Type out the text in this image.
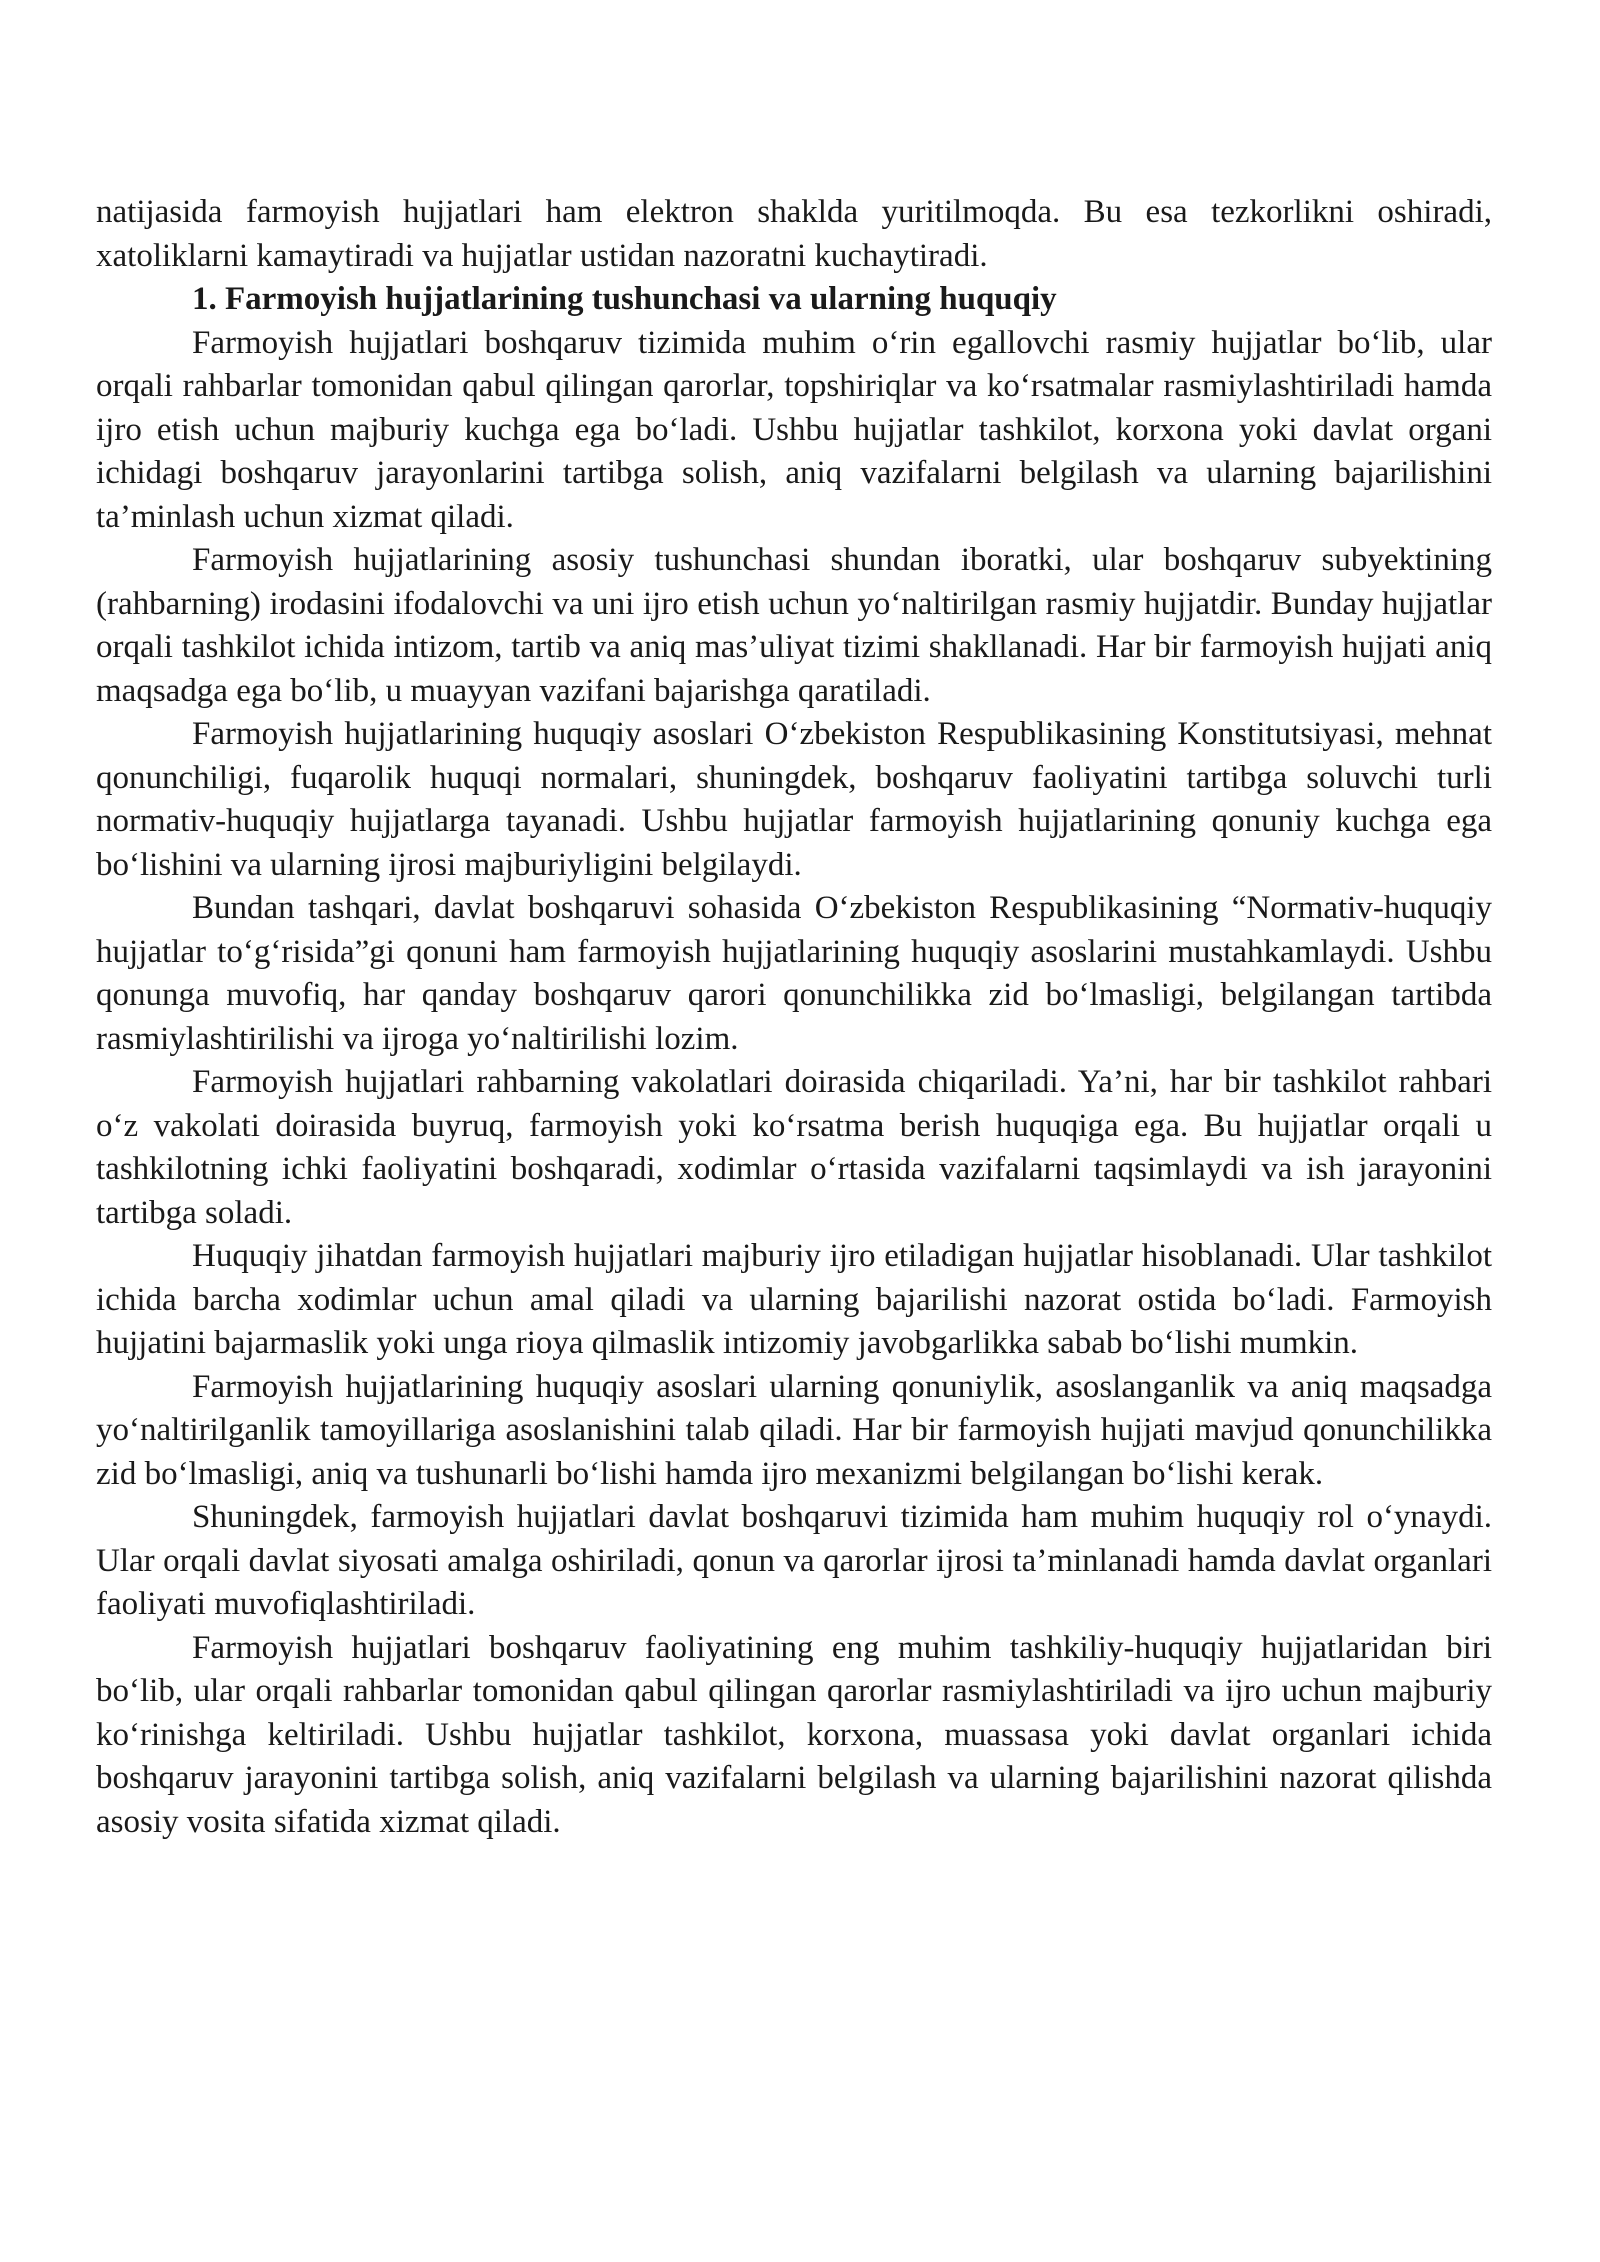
natijasida farmoyish hujjatlari ham elektron shaklda yuritilmoqda. Bu esa tezkorlikni oshiradi, xatoliklarni kamaytiradi va hujjatlar ustidan nazoratni kuchaytiradi.

1. Farmoyish hujjatlarining tushunchasi va ularning huquqiy

Farmoyish hujjatlari boshqaruv tizimida muhim o‘rin egallovchi rasmiy hujjatlar bo‘lib, ular orqali rahbarlar tomonidan qabul qilingan qarorlar, topshiriqlar va ko‘rsatmalar rasmiylashtiriladi hamda ijro etish uchun majburiy kuchga ega bo‘ladi. Ushbu hujjatlar tashkilot, korxona yoki davlat organi ichidagi boshqaruv jarayonlarini tartibga solish, aniq vazifalarni belgilash va ularning bajarilishini ta’minlash uchun xizmat qiladi.

Farmoyish hujjatlarining asosiy tushunchasi shundan iboratki, ular boshqaruv subyektining (rahbarning) irodasini ifodalovchi va uni ijro etish uchun yo‘naltirilgan rasmiy hujjatdir. Bunday hujjatlar orqali tashkilot ichida intizom, tartib va aniq mas’uliyat tizimi shakllanadi. Har bir farmoyish hujjati aniq maqsadga ega bo‘lib, u muayyan vazifani bajarishga qaratiladi.

Farmoyish hujjatlarining huquqiy asoslari O‘zbekiston Respublikasining Konstitutsiyasi, mehnat qonunchiligi, fuqarolik huquqi normalari, shuningdek, boshqaruv faoliyatini tartibga soluvchi turli normativ-huquqiy hujjatlarga tayanadi. Ushbu hujjatlar farmoyish hujjatlarining qonuniy kuchga ega bo‘lishini va ularning ijrosi majburiyligini belgilaydi.

Bundan tashqari, davlat boshqaruvi sohasida O‘zbekiston Respublikasining “Normativ-huquqiy hujjatlar to‘g‘risida”gi qonuni ham farmoyish hujjatlarining huquqiy asoslarini mustahkamlaydi. Ushbu qonunga muvofiq, har qanday boshqaruv qarori qonunchilikka zid bo‘lmasligi, belgilangan tartibda rasmiylashtirilishi va ijroga yo‘naltirilishi lozim.

Farmoyish hujjatlari rahbarning vakolatlari doirasida chiqariladi. Ya’ni, har bir tashkilot rahbari o‘z vakolati doirasida buyruq, farmoyish yoki ko‘rsatma berish huquqiga ega. Bu hujjatlar orqali u tashkilotning ichki faoliyatini boshqaradi, xodimlar o‘rtasida vazifalarni taqsimlaydi va ish jarayonini tartibga soladi.

Huquqiy jihatdan farmoyish hujjatlari majburiy ijro etiladigan hujjatlar hisoblanadi. Ular tashkilot ichida barcha xodimlar uchun amal qiladi va ularning bajarilishi nazorat ostida bo‘ladi. Farmoyish hujjatini bajarmaslik yoki unga rioya qilmaslik intizomiy javobgarlikka sabab bo‘lishi mumkin.

Farmoyish hujjatlarining huquqiy asoslari ularning qonuniylik, asoslanganlik va aniq maqsadga yo‘naltirilganlik tamoyillariga asoslanishini talab qiladi. Har bir farmoyish hujjati mavjud qonunchilikka zid bo‘lmasligi, aniq va tushunarli bo‘lishi hamda ijro mexanizmi belgilangan bo‘lishi kerak.

Shuningdek, farmoyish hujjatlari davlat boshqaruvi tizimida ham muhim huquqiy rol o‘ynaydi. Ular orqali davlat siyosati amalga oshiriladi, qonun va qarorlar ijrosi ta’minlanadi hamda davlat organlari faoliyati muvofiqlashtiriladi.

Farmoyish hujjatlari boshqaruv faoliyatining eng muhim tashkiliy-huquqiy hujjatlaridan biri bo‘lib, ular orqali rahbarlar tomonidan qabul qilingan qarorlar rasmiylashtiriladi va ijro uchun majburiy ko‘rinishga keltiriladi. Ushbu hujjatlar tashkilot, korxona, muassasa yoki davlat organlari ichida boshqaruv jarayonini tartibga solish, aniq vazifalarni belgilash va ularning bajarilishini nazorat qilishda asosiy vosita sifatida xizmat qiladi.
